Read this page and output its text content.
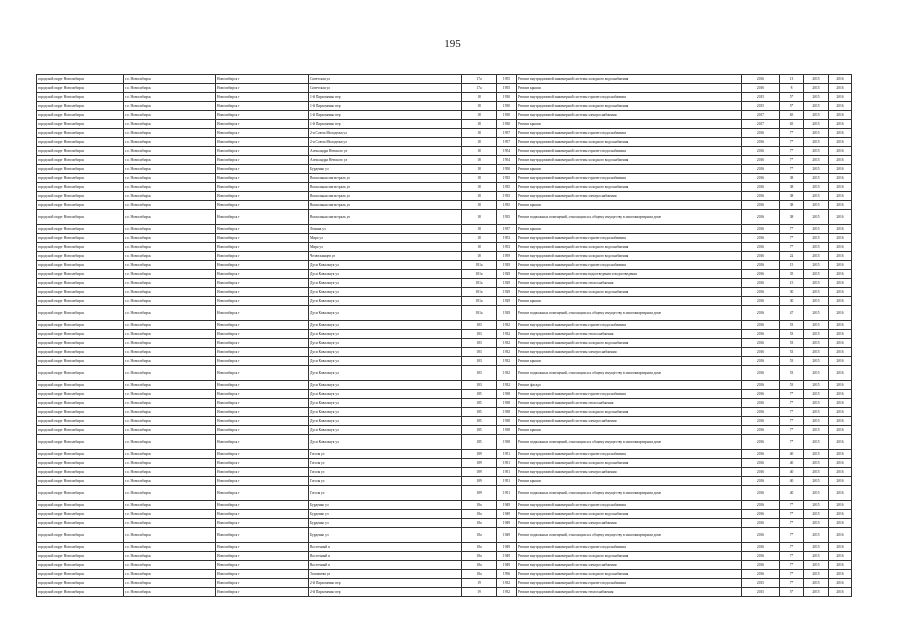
195
городской округ Новосибирск	г.о. Новосибирск	Новосибирск г	Советская ул	17а	1955	Ремонт внутридомовой инженерной системы холодного водоснабжения	2016	13	2015	2016
городской округ Новосибирск	г.о. Новосибирск	Новосибирск г	Советская ул	17а	1955	Ремонт крыши	2016	8	2015	2016
городской округ Новосибирск	г.о. Новосибирск	Новосибирск г	1-й Пархоменко пер	18	1930	Ремонт внутридомовой инженерной системы горячего водоснабжения	2015	5*	2015	2016
городской округ Новосибирск	г.о. Новосибирск	Новосибирск г	1-й Пархоменко пер	18	1930	Ремонт внутридомовой инженерной системы холодного водоснабжения	2015	5*	2015	2016
городской округ Новосибирск	г.о. Новосибирск	Новосибирск г	1-й Пархоменко пер	18	1930	Ремонт внутридомовой инженерной системы электроснабжения	2017	65	2015	2016
городской округ Новосибирск	г.о. Новосибирск	Новосибирск г	1-й Пархоменко пер	18	1930	Ремонт крыши	2017	65	2015	2016
городской округ Новосибирск	г.о. Новосибирск	Новосибирск г	2-я Союза Молодежи ул	18	1957	Ремонт внутридомовой инженерной системы горячего водоснабжения	2016	7*	2015	2016
городской округ Новосибирск	г.о. Новосибирск	Новосибирск г	2-я Союза Молодежи ул	18	1957	Ремонт внутридомовой инженерной системы холодного водоснабжения	2016	7*	2015	2016
городской округ Новосибирск	г.о. Новосибирск	Новосибирск г	Александра Невского ул	18	1954	Ремонт внутридомовой инженерной системы горячего водоснабжения	2016	7*	2015	2016
городской округ Новосибирск	г.о. Новосибирск	Новосибирск г	Александра Невского ул	18	1954	Ремонт внутридомовой инженерной системы холодного водоснабжения	2016	7*	2015	2016
городской округ Новосибирск	г.о. Новосибирск	Новосибирск г	Бурденко ул	18	1950	Ремонт крыши	2016	7*	2015	2016
городской округ Новосибирск	г.о. Новосибирск	Новосибирск г	Вокзальная магистраль ул	18	1935	Ремонт внутридомовой инженерной системы горячего водоснабжения	2016	38	2015	2016
городской округ Новосибирск	г.о. Новосибирск	Новосибирск г	Вокзальная магистраль ул	18	1935	Ремонт внутридомовой инженерной системы холодного водоснабжения	2016	38	2015	2016
городской округ Новосибирск	г.о. Новосибирск	Новосибирск г	Вокзальная магистраль ул	18	1935	Ремонт внутридомовой инженерной системы электроснабжения	2016	38	2015	2016
городской округ Новосибирск	г.о. Новосибирск	Новосибирск г	Вокзальная магистраль ул	18	1935	Ремонт крыши	2016	38	2015	2016
городской округ Новосибирск	г.о. Новосибирск	Новосибирск г	Вокзальная магистраль ул	18	1935	Ремонт подвальных помещений, относящихся к общему имуществу в многоквартирном доме	2016	38	2015	2016
городской округ Новосибирск	г.о. Новосибирск	Новосибирск г	Ленина ул	18	1937	Ремонт крыши	2016	7*	2015	2016
городской округ Новосибирск	г.о. Новосибирск	Новосибирск г	Мира ул	18	1953	Ремонт внутридомовой инженерной системы горячего водоснабжения	2016	7*	2015	2016
городской округ Новосибирск	г.о. Новосибирск	Новосибирск г	Мира ул	18	1953	Ремонт внутридомовой инженерной системы холодного водоснабжения	2016	7*	2015	2016
городской округ Новосибирск	г.о. Новосибирск	Новосибирск г	Челюскинцев ул	18	1959	Ремонт внутридомовой инженерной системы холодного водоснабжения	2016	22	2015	2016
городской округ Новосибирск	г.о. Новосибирск	Новосибирск г	Дуси Ковальчук ул	181а	1929	Ремонт внутридомовой инженерной системы горячего водоснабжения	2016	15	2015	2016
городской округ Новосибирск	г.о. Новосибирск	Новосибирск г	Дуси Ковальчук ул	181а	1929	Ремонт внутридомовой инженерной системы водоотведения и водоотведения	2016	35	2015	2016
городской округ Новосибирск	г.о. Новосибирск	Новосибирск г	Дуси Ковальчук ул	181а	1929	Ремонт внутридомовой инженерной системы теплоснабжения	2016	15	2015	2016
городской округ Новосибирск	г.о. Новосибирск	Новосибирск г	Дуси Ковальчук ул	181а	1929	Ремонт внутридомовой инженерной системы холодного водоснабжения	2016	30	2015	2016
городской округ Новосибирск	г.о. Новосибирск	Новосибирск г	Дуси Ковальчук ул	181а	1929	Ремонт крыши	2016	30	2015	2016
городской округ Новосибирск	г.о. Новосибирск	Новосибирск г	Дуси Ковальчук ул	181а	1929	Ремонт подвальных помещений, относящихся к общему имуществу в многоквартирном доме	2016	47	2015	2016
городской округ Новосибирск	г.о. Новосибирск	Новосибирск г	Дуси Ковальчук ул	183	1932	Ремонт внутридомовой инженерной системы горячего водоснабжения	2016	53	2015	2016
городской округ Новосибирск	г.о. Новосибирск	Новосибирск г	Дуси Ковальчук ул	183	1932	Ремонт внутридомовой инженерной системы теплоснабжения	2016	53	2015	2016
городской округ Новосибирск	г.о. Новосибирск	Новосибирск г	Дуси Ковальчук ул	183	1932	Ремонт внутридомовой инженерной системы холодного водоснабжения	2016	53	2015	2016
городской округ Новосибирск	г.о. Новосибирск	Новосибирск г	Дуси Ковальчук ул	183	1932	Ремонт внутридомовой инженерной системы электроснабжения	2016	53	2015	2016
городской округ Новосибирск	г.о. Новосибирск	Новосибирск г	Дуси Ковальчук ул	183	1932	Ремонт крыши	2016	53	2015	2016
городской округ Новосибирск	г.о. Новосибирск	Новосибирск г	Дуси Ковальчук ул	183	1932	Ремонт подвальных помещений, относящихся к общему имуществу в многоквартирном доме	2016	53	2015	2016
городской округ Новосибирск	г.о. Новосибирск	Новосибирск г	Дуси Ковальчук ул	183	1932	Ремонт фасада	2016	53	2015	2016
городской округ Новосибирск	г.о. Новосибирск	Новосибирск г	Дуси Ковальчук ул	185	1938	Ремонт внутридомовой инженерной системы горячего водоснабжения	2016	7*	2015	2016
городской округ Новосибирск	г.о. Новосибирск	Новосибирск г	Дуси Ковальчук ул	185	1938	Ремонт внутридомовой инженерной системы теплоснабжения	2016	7*	2015	2016
городской округ Новосибирск	г.о. Новосибирск	Новосибирск г	Дуси Ковальчук ул	185	1938	Ремонт внутридомовой инженерной системы холодного водоснабжения	2016	7*	2015	2016
городской округ Новосибирск	г.о. Новосибирск	Новосибирск г	Дуси Ковальчук ул	185	1938	Ремонт внутридомовой инженерной системы электроснабжения	2016	7*	2015	2016
городской округ Новосибирск	г.о. Новосибирск	Новосибирск г	Дуси Ковальчук ул	185	1938	Ремонт крыши	2016	7*	2015	2016
городской округ Новосибирск	г.о. Новосибирск	Новосибирск г	Дуси Ковальчук ул	185	1938	Ремонт подвальных помещений, относящихся к общему имуществу в многоквартирном доме	2016	7*	2015	2016
городской округ Новосибирск	г.о. Новосибирск	Новосибирск г	Гоголя ул	189	1951	Ремонт внутридомовой инженерной системы горячего водоснабжения	2016	40	2015	2016
городской округ Новосибирск	г.о. Новосибирск	Новосибирск г	Гоголя ул	189	1951	Ремонт внутридомовой инженерной системы холодного водоснабжения	2016	40	2015	2016
городской округ Новосибирск	г.о. Новосибирск	Новосибирск г	Гоголя ул	189	1951	Ремонт внутридомовой инженерной системы электроснабжения	2016	40	2015	2016
городской округ Новосибирск	г.о. Новосибирск	Новосибирск г	Гоголя ул	189	1951	Ремонт крыши	2016	40	2015	2016
городской округ Новосибирск	г.о. Новосибирск	Новосибирск г	Гоголя ул	189	1951	Ремонт подвальных помещений, относящихся к общему имуществу в многоквартирном доме	2016	40	2015	2016
городской округ Новосибирск	г.о. Новосибирск	Новосибирск г	Бурденко ул	18а	1949	Ремонт внутридомовой инженерной системы горячего водоснабжения	2016	7*	2015	2016
городской округ Новосибирск	г.о. Новосибирск	Новосибирск г	Бурденко ул	18а	1949	Ремонт внутридомовой инженерной системы холодного водоснабжения	2016	7*	2015	2016
городской округ Новосибирск	г.о. Новосибирск	Новосибирск г	Бурденко ул	18а	1949	Ремонт внутридомовой инженерной системы электроснабжения	2016	7*	2015	2016
городской округ Новосибирск	г.о. Новосибирск	Новосибирск г	Бурденко ул	18а	1949	Ремонт подвальных помещений, относящихся к общему имуществу в многоквартирном доме	2016	7*	2015	2016
городской округ Новосибирск	г.о. Новосибирск	Новосибирск г	Восточный п	18а	1949	Ремонт внутридомовой инженерной системы горячего водоснабжения	2016	7*	2015	2016
городской округ Новосибирск	г.о. Новосибирск	Новосибирск г	Восточный п	18а	1949	Ремонт внутридомовой инженерной системы холодного водоснабжения	2016	7*	2015	2016
городской округ Новосибирск	г.о. Новосибирск	Новосибирск г	Восточный п	18а	1949	Ремонт внутридомовой инженерной системы электроснабжения	2016	7*	2015	2016
городской округ Новосибирск	г.о. Новосибирск	Новосибирск г	Толмачева ул	18а	1956	Ремонт внутридомовой инженерной системы холодного водоснабжения	2016	7*	2015	2016
городской округ Новосибирск	г.о. Новосибирск	Новосибирск г	2-й Пархоменко пер	19	1932	Ремонт внутридомовой инженерной системы горячего водоснабжения	2015	7*	2015	2016
городской округ Новосибирск	г.о. Новосибирск	Новосибирск г	2-й Пархоменко пер	19	1932	Ремонт внутридомовой инженерной системы теплоснабжения	2015	5*	2015	2016
